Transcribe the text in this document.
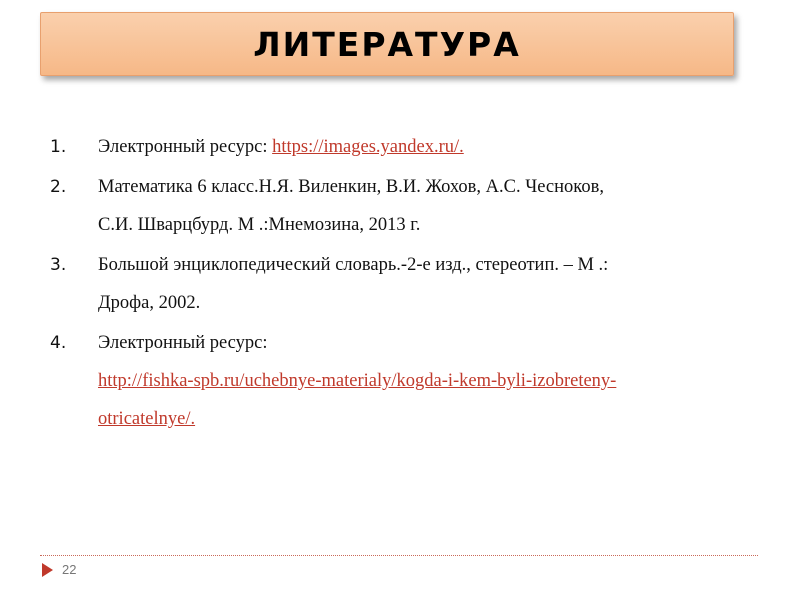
ЛИТЕРАТУРА
1. Электронный ресурс: https://images.yandex.ru/.
2. Математика 6 класс.Н.Я. Виленкин, В.И. Жохов, А.С. Чесноков,
С.И. Шварцбурд. М .:Мнемозина, 2013 г.
3. Большой энциклопедический словарь.-2-е изд., стереотип. – М .:
Дрофа, 2002.
4. Электронный ресурс:
http://fishka-spb.ru/uchebnye-materialy/kogda-i-kem-byli-izobreteny-
otricatelnye/.
22
